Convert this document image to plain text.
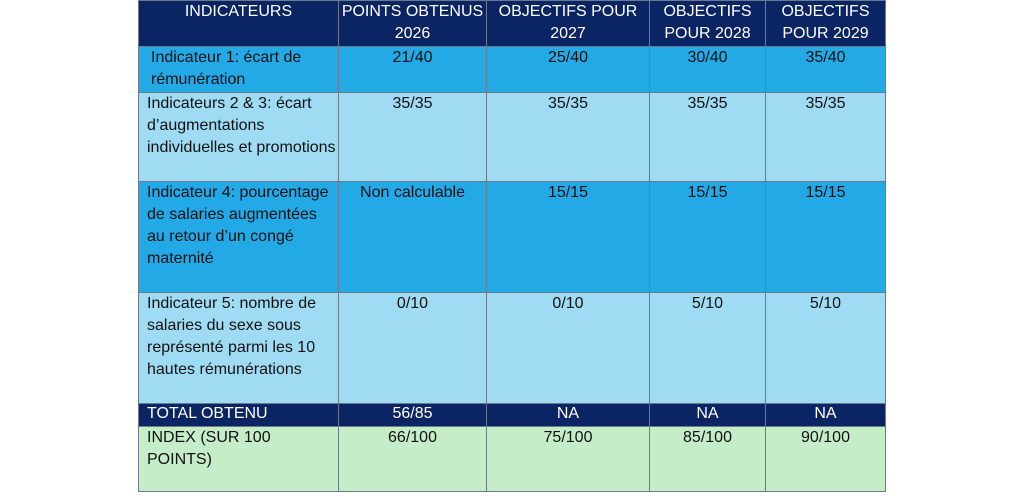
INDICATEURS	POINTS OBTENUS 2026	OBJECTIFS POUR 2027	OBJECTIFS POUR 2028	OBJECTIFS POUR 2029
Indicateur 1: écart de rémunération	21/40	25/40	30/40	35/40
Indicateurs 2 & 3: écart d’augmentations individuelles et promotions	35/35	35/35	35/35	35/35
Indicateur 4: pourcentage de salaries augmentées au retour d’un congé maternité	Non calculable	15/15	15/15	15/15
Indicateur 5: nombre de salaries du sexe sous représenté parmi les 10 hautes rémunérations	0/10	0/10	5/10	5/10
TOTAL OBTENU	56/85	NA	NA	NA
INDEX (SUR 100 POINTS)	66/100	75/100	85/100	90/100
